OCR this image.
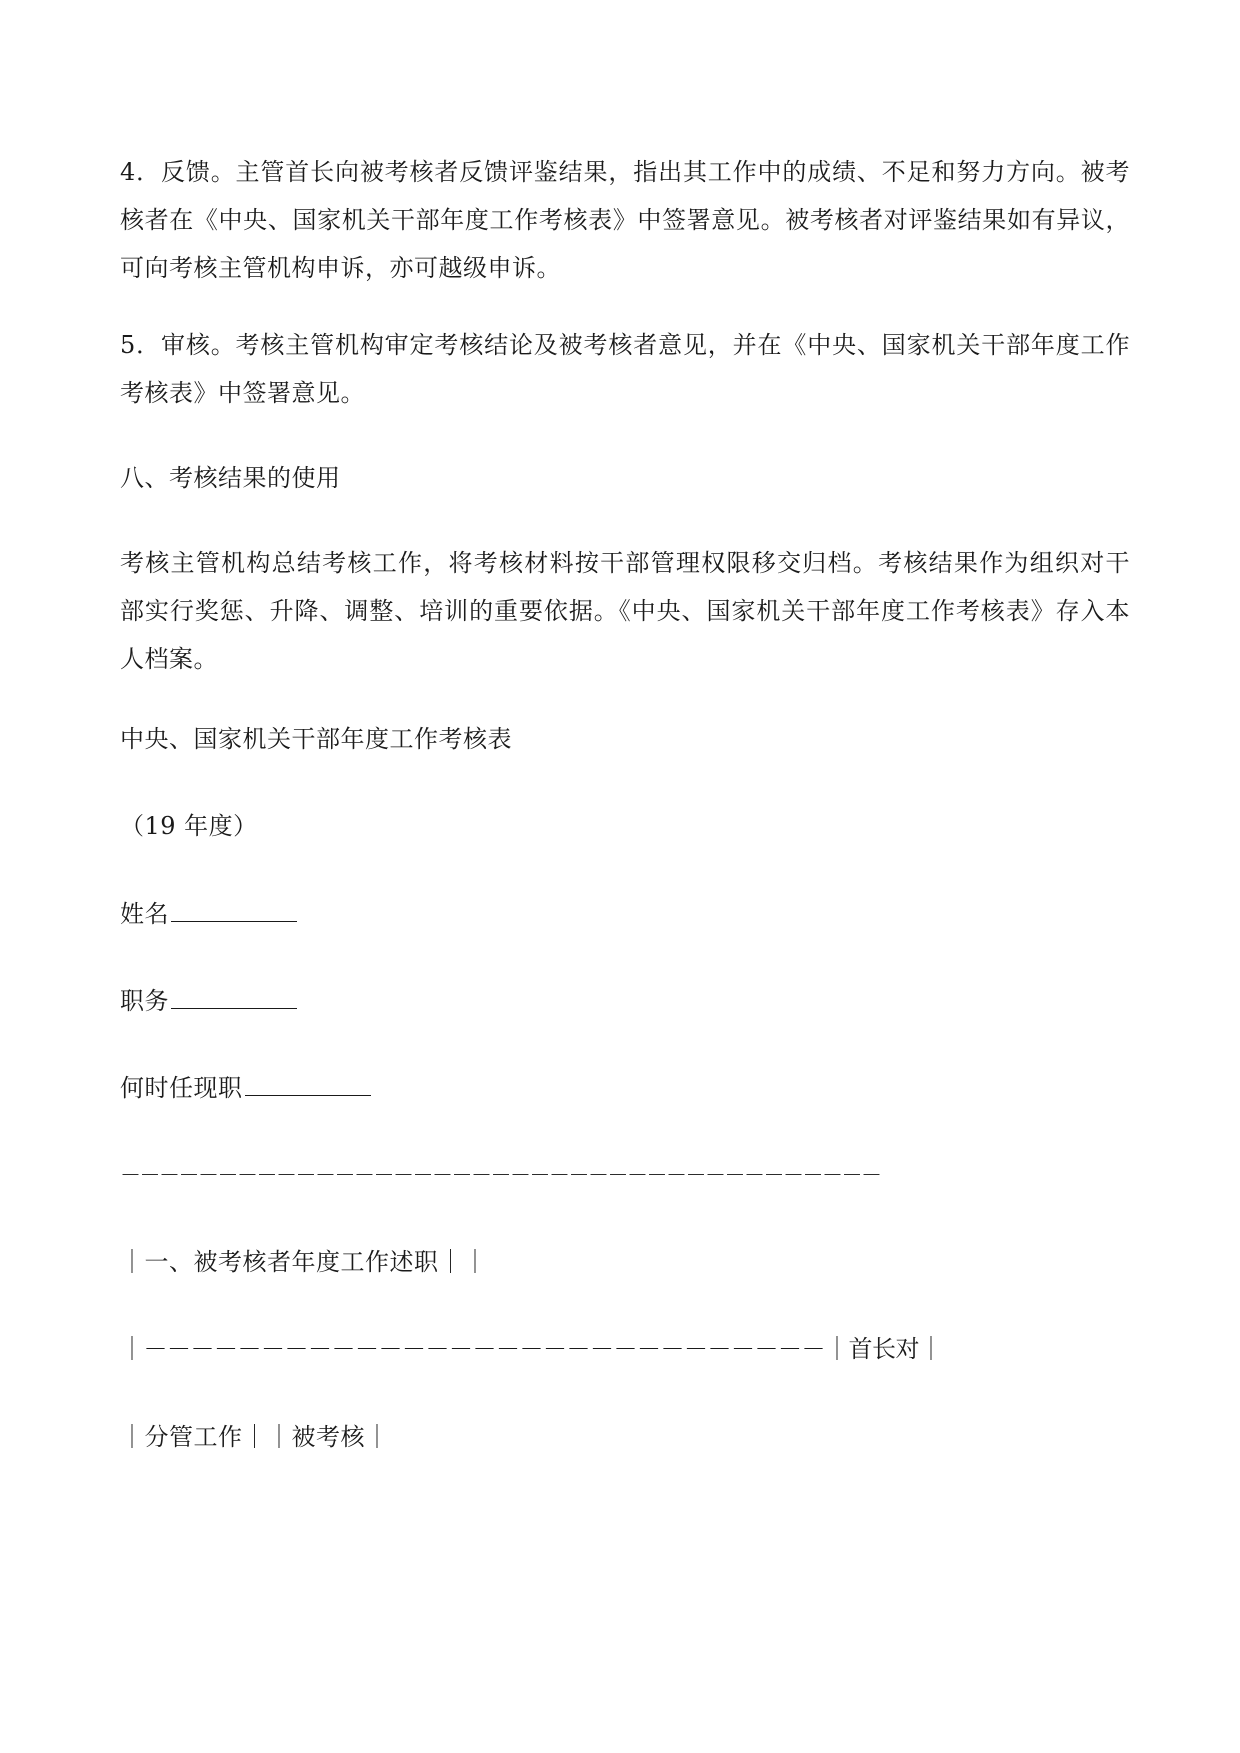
4．反馈。主管首长向被考核者反馈评鉴结果，指出其工作中的成绩、不足和努力方向。被考
核者在《中央、国家机关干部年度工作考核表》中签署意见。被考核者对评鉴结果如有异议，
可向考核主管机构申诉，亦可越级申诉。
5．审核。考核主管机构审定考核结论及被考核者意见，并在《中央、国家机关干部年度工作
考核表》中签署意见。
八、考核结果的使用
考核主管机构总结考核工作，将考核材料按干部管理权限移交归档。考核结果作为组织对干
部实行奖惩、升降、调整、培训的重要依据。《中央、国家机关干部年度工作考核表》存入本
人档案。
中央、国家机关干部年度工作考核表
（19 年度）
姓名
职务
何时任现职
－－－－－－－－－－－－－－－－－－－－－－－－－－－－－－－－－－－－－－－
｜一、被考核者年度工作述职｜｜
｜－－－－－－－－－－－－－－－－－－－－－－－－－－－－－｜首长对｜
｜分管工作｜｜被考核｜
